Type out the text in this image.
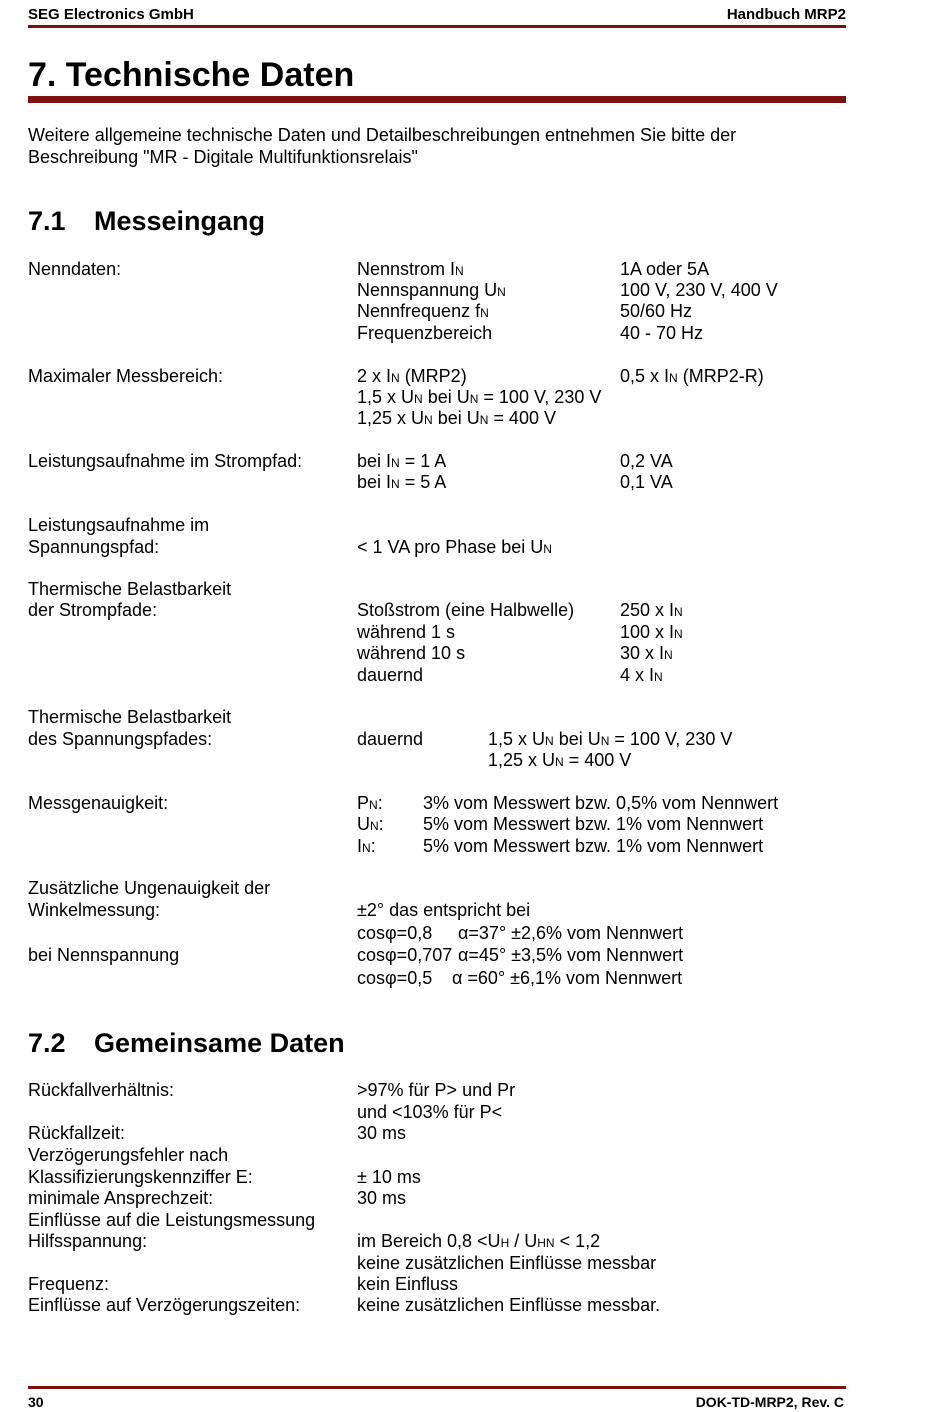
SEG Electronics GmbH	Handbuch MRP2
7. Technische Daten
Weitere allgemeine technische Daten und Detailbeschreibungen entnehmen Sie bitte der
Beschreibung "MR - Digitale Multifunktionsrelais"
7.1 Messeingang
Nenndaten:	Nennstrom IN	1A oder 5A
Nennspannung UN	100 V, 230 V, 400 V
Nennfrequenz fN	50/60 Hz
Frequenzbereich	40 - 70 Hz
Maximaler Messbereich:	2 x IN (MRP2)	0,5 x IN (MRP2-R)
1,5 x UN bei UN = 100 V, 230 V
1,25 x UN bei UN = 400 V
Leistungsaufnahme im Strompfad:	bei IN = 1 A	0,2 VA
bei IN = 5 A	0,1 VA
Leistungsaufnahme im
Spannungspfad:	< 1 VA pro Phase bei UN
Thermische Belastbarkeit
der Strompfade:	Stoßstrom (eine Halbwelle)	250 x IN
während 1 s	100 x IN
während 10 s	30 x IN
dauernd	4 x IN
Thermische Belastbarkeit
des Spannungspfades:	dauernd	1,5 x UN bei UN = 100 V, 230 V
1,25 x UN = 400 V
Messgenauigkeit:	PN: 3% vom Messwert bzw. 0,5% vom Nennwert
UN: 5% vom Messwert bzw. 1% vom Nennwert
IN:	5% vom Messwert bzw. 1% vom Nennwert
Zusätzliche Ungenauigkeit der
Winkelmessung:	±2° das entspricht bei
cosφ=0,8 α=37° ±2,6% vom Nennwert
bei Nennspannung	cosφ=0,707 α=45° ±3,5% vom Nennwert
cosφ=0,5 α =60° ±6,1% vom Nennwert
7.2 Gemeinsame Daten
Rückfallverhältnis:	>97% für P> und Pr
und <103% für P<
Rückfallzeit:	30 ms
Verzögerungsfehler nach
Klassifizierungskennziffer E:	± 10 ms
minimale Ansprechzeit:	30 ms
Einflüsse auf die Leistungsmessung
Hilfsspannung:	im Bereich 0,8 <UH / UHN < 1,2
keine zusätzlichen Einflüsse messbar
Frequenz:	kein Einfluss
Einflüsse auf Verzögerungszeiten:	keine zusätzlichen Einflüsse messbar.
30	DOK-TD-MRP2, Rev. C
